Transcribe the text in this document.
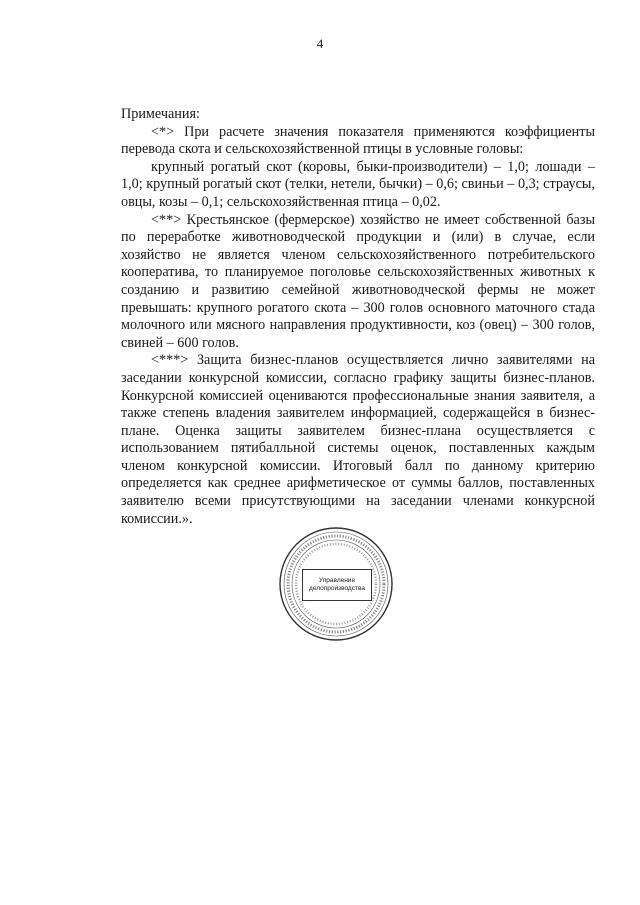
4

Примечания:

<*> При расчете значения показателя применяются коэффициенты перевода скота и сельскохозяйственной птицы в условные головы:

крупный рогатый скот (коровы, быки-производители) – 1,0; лошади – 1,0; крупный рогатый скот (телки, нетели, бычки) – 0,6; свиньи – 0,3; страусы, овцы, козы – 0,1; сельскохозяйственная птица – 0,02.

<**> Крестьянское (фермерское) хозяйство не имеет собственной базы по переработке животноводческой продукции и (или) в случае, если хозяйство не является членом сельскохозяйственного потребительского кооператива, то планируемое поголовье сельскохозяйственных животных к созданию и развитию семейной животноводческой фермы не может превышать: крупного рогатого скота – 300 голов основного маточного стада молочного или мясного направления продуктивности, коз (овец) – 300 голов, свиней – 600 голов.

<***> Защита бизнес-планов осуществляется лично заявителями на заседании конкурсной комиссии, согласно графику защиты бизнес-планов. Конкурсной комиссией оцениваются профессиональные знания заявителя, а также степень владения заявителем информацией, содержащейся в бизнес-плане. Оценка защиты заявителем бизнес-плана осуществляется с использованием пятибалльной системы оценок, поставленных каждым членом конкурсной комиссии. Итоговый балл по данному критерию определяется как среднее арифметическое от суммы баллов, поставленных заявителю всеми присутствующими на заседании членами конкурсной комиссии.».

Управление
делопроизводства
